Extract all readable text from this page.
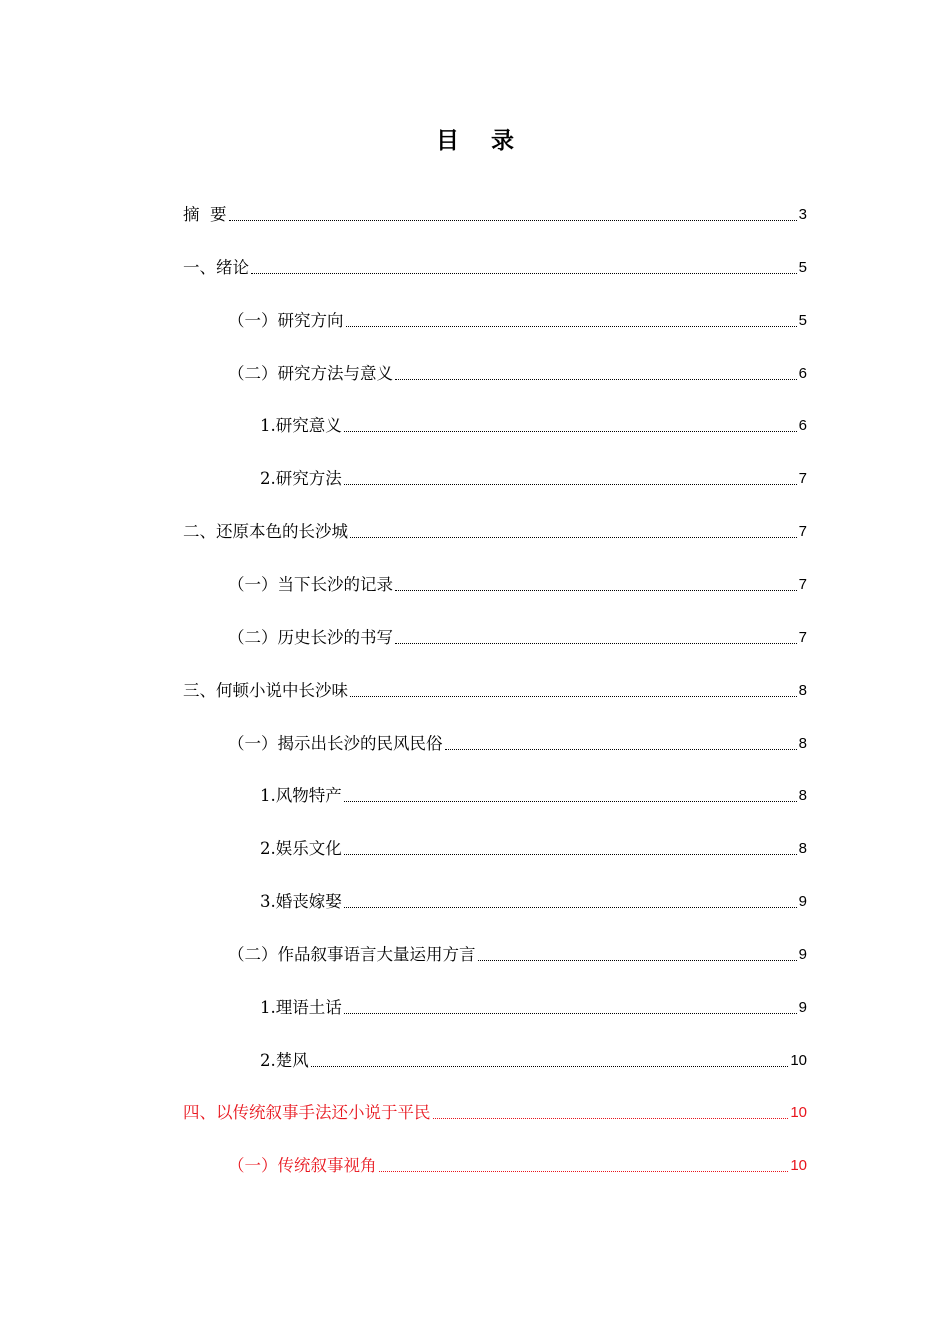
目 录
摘  要	3
一、绪论	5
（一）研究方向	5
（二）研究方法与意义	6
1.研究意义	6
2.研究方法	7
二、还原本色的长沙城	7
（一）当下长沙的记录	7
（二）历史长沙的书写	7
三、何顿小说中长沙味	8
（一）揭示出长沙的民风民俗	8
1.风物特产	8
2.娱乐文化	8
3.婚丧嫁娶	9
（二）作品叙事语言大量运用方言	9
1.理语土话	9
2.楚风	10
四、以传统叙事手法还小说于平民	10
（一）传统叙事视角	10
